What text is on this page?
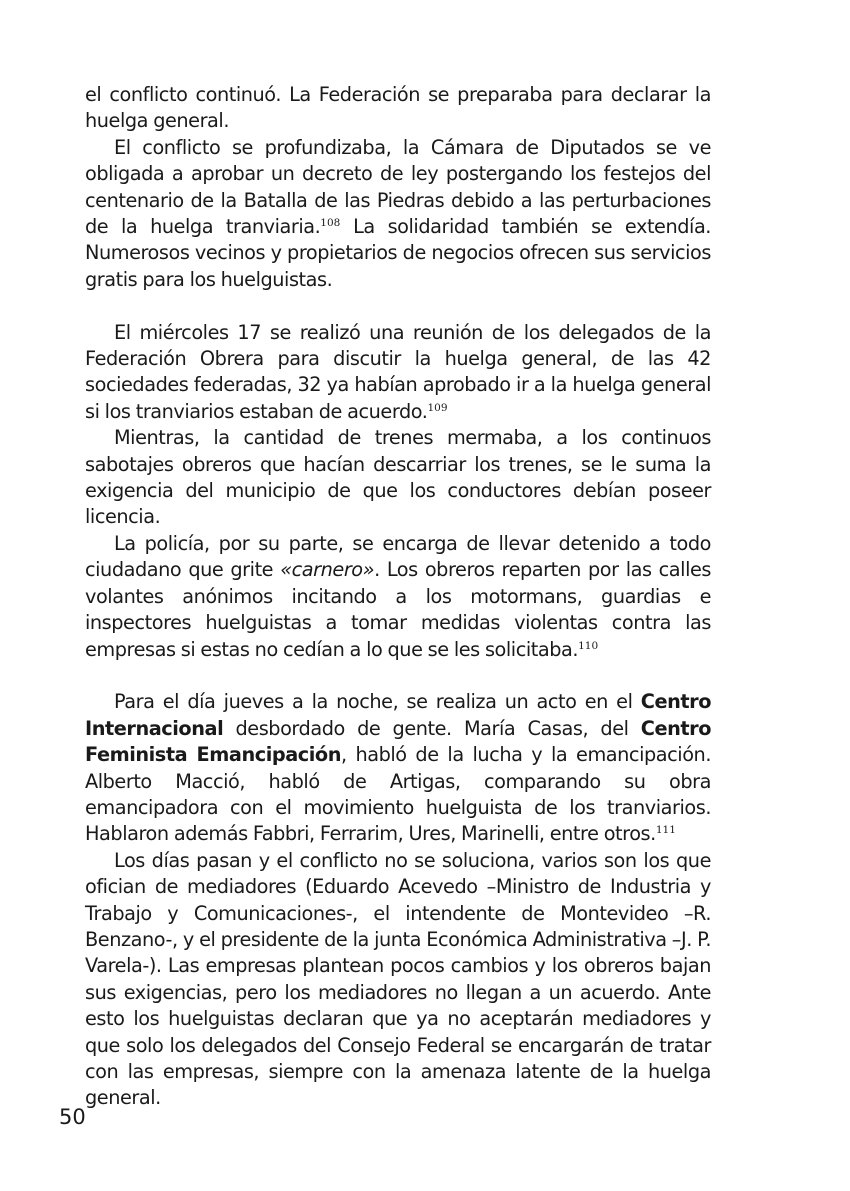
el conflicto continuó. La Federación se preparaba para declarar la huelga general.

El conflicto se profundizaba, la Cámara de Diputados se ve obligada a aprobar un decreto de ley postergando los festejos del centenario de la Batalla de las Piedras debido a las perturbaciones de la huelga tranviaria.$^{108}$ La solidaridad también se extendía. Numerosos vecinos y propietarios de negocios ofrecen sus servicios gratis para los huelguistas.

El miércoles 17 se realizó una reunión de los delegados de la Federación Obrera para discutir la huelga general, de las 42 sociedades federadas, 32 ya habían aprobado ir a la huelga general si los tranviarios estaban de acuerdo.$^{109}$

Mientras, la cantidad de trenes mermaba, a los continuos sabotajes obreros que hacían descarriar los trenes, se le suma la exigencia del municipio de que los conductores debían poseer licencia.

La policía, por su parte, se encarga de llevar detenido a todo ciudadano que grite «carnero». Los obreros reparten por las calles volantes anónimos incitando a los motormans, guardias e inspectores huelguistas a tomar medidas violentas contra las empresas si estas no cedían a lo que se les solicitaba.$^{110}$

Para el día jueves a la noche, se realiza un acto en el Centro Internacional desbordado de gente. María Casas, del Centro Feminista Emancipación, habló de la lucha y la emancipación. Alberto Macció, habló de Artigas, comparando su obra emancipadora con el movimiento huelguista de los tranviarios. Hablaron además Fabbri, Ferrarim, Ures, Marinelli, entre otros.$^{111}$

Los días pasan y el conflicto no se soluciona, varios son los que ofician de mediadores (Eduardo Acevedo –Ministro de Industria y Trabajo y Comunicaciones-, el intendente de Montevideo –R. Benzano-, y el presidente de la junta Económica Administrativa –J. P. Varela-). Las empresas plantean pocos cambios y los obreros bajan sus exigencias, pero los mediadores no llegan a un acuerdo. Ante esto los huelguistas declaran que ya no aceptarán mediadores y que solo los delegados del Consejo Federal se encargarán de tratar con las empresas, siempre con la amenaza latente de la huelga general.

50
